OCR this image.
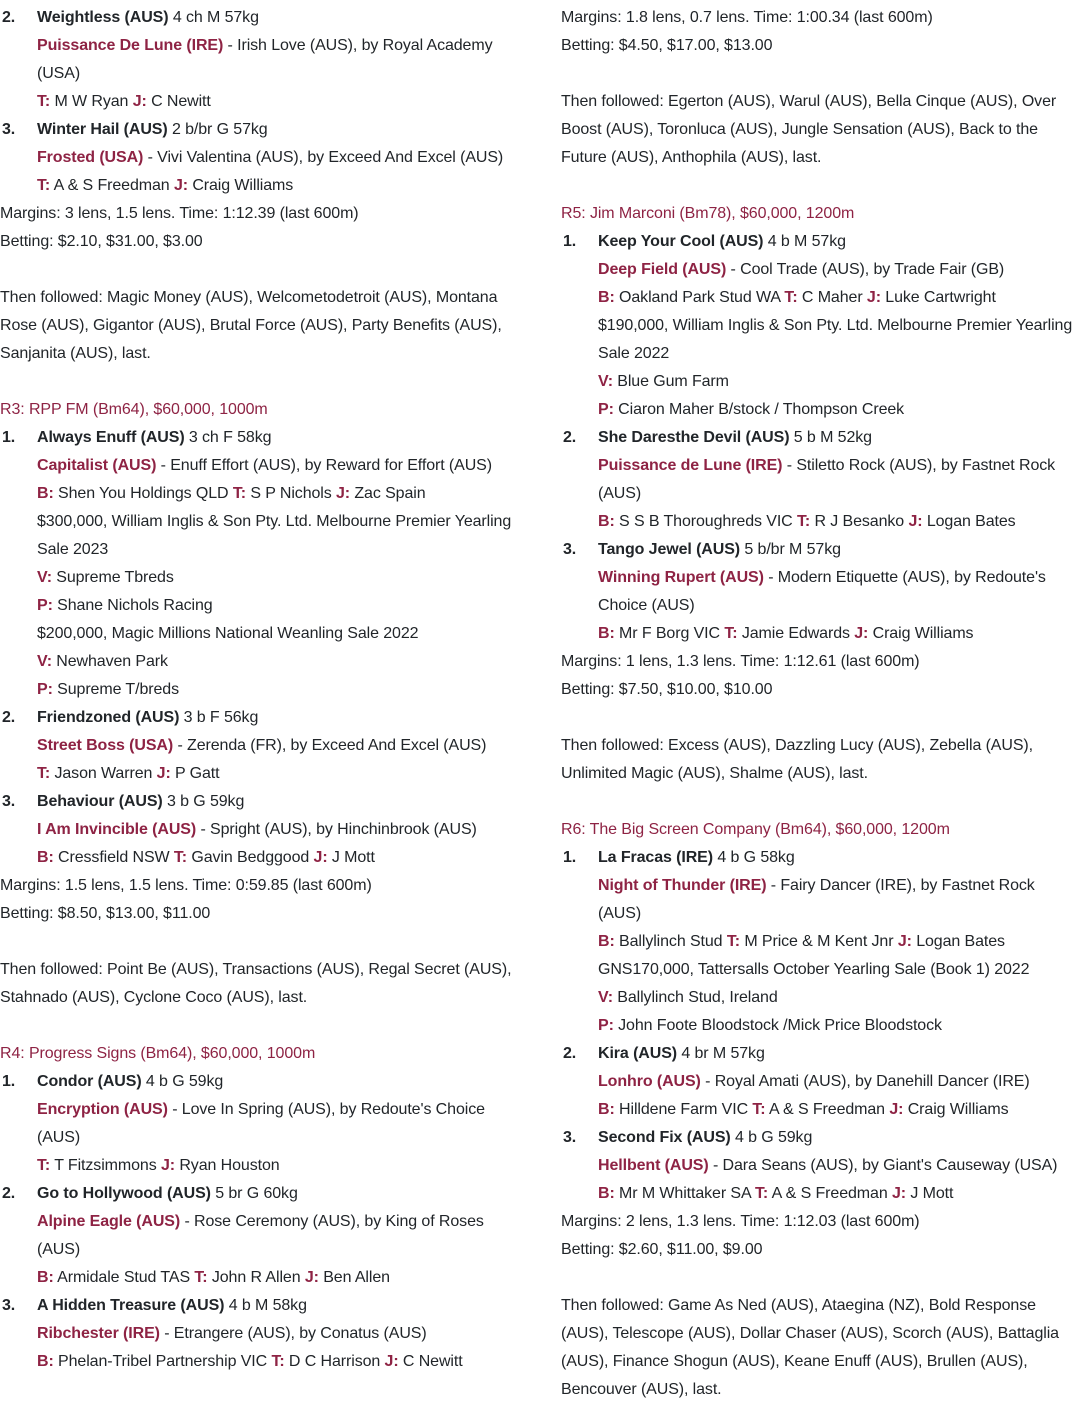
2. Weightless (AUS) 4 ch M 57kg

Puissance De Lune (IRE) - Irish Love (AUS), by Royal Academy (USA)

T: M W Ryan J: C Newitt

3. Winter Hail (AUS) 2 b/br G 57kg

Frosted (USA) - Vivi Valentina (AUS), by Exceed And Excel (AUS)

T: A & S Freedman J: Craig Williams

Margins: 3 lens, 1.5 lens. Time: 1:12.39 (last 600m)

Betting: $2.10, $31.00, $3.00

Then followed: Magic Money (AUS), Welcometodetroit (AUS), Montana Rose (AUS), Gigantor (AUS), Brutal Force (AUS), Party Benefits (AUS), Sanjanita (AUS), last.

R3: RPP FM (Bm64), $60,000, 1000m

1. Always Enuff (AUS) 3 ch F 58kg

Capitalist (AUS) - Enuff Effort (AUS), by Reward for Effort (AUS)

B: Shen You Holdings QLD T: S P Nichols J: Zac Spain

$300,000, William Inglis & Son Pty. Ltd. Melbourne Premier Yearling Sale 2023

V: Supreme Tbreds

P: Shane Nichols Racing

$200,000, Magic Millions National Weanling Sale 2022

V: Newhaven Park

P: Supreme T/breds

2. Friendzoned (AUS) 3 b F 56kg

Street Boss (USA) - Zerenda (FR), by Exceed And Excel (AUS)

T: Jason Warren J: P Gatt

3. Behaviour (AUS) 3 b G 59kg

I Am Invincible (AUS) - Spright (AUS), by Hinchinbrook (AUS)

B: Cressfield NSW T: Gavin Bedggood J: J Mott

Margins: 1.5 lens, 1.5 lens. Time: 0:59.85 (last 600m)

Betting: $8.50, $13.00, $11.00

Then followed: Point Be (AUS), Transactions (AUS), Regal Secret (AUS), Stahnado (AUS), Cyclone Coco (AUS), last.

R4: Progress Signs (Bm64), $60,000, 1000m

1. Condor (AUS) 4 b G 59kg

Encryption (AUS) - Love In Spring (AUS), by Redoute's Choice (AUS)

T: T Fitzsimmons J: Ryan Houston

2. Go to Hollywood (AUS) 5 br G 60kg

Alpine Eagle (AUS) - Rose Ceremony (AUS), by King of Roses (AUS)

B: Armidale Stud TAS T: John R Allen J: Ben Allen

3. A Hidden Treasure (AUS) 4 b M 58kg

Ribchester (IRE) - Etrangere (AUS), by Conatus (AUS)

B: Phelan-Tribel Partnership VIC T: D C Harrison J: C Newitt

Margins: 1.8 lens, 0.7 lens. Time: 1:00.34 (last 600m)

Betting: $4.50, $17.00, $13.00

Then followed: Egerton (AUS), Warul (AUS), Bella Cinque (AUS), Over Boost (AUS), Toronluca (AUS), Jungle Sensation (AUS), Back to the Future (AUS), Anthophila (AUS), last.

R5: Jim Marconi (Bm78), $60,000, 1200m

1. Keep Your Cool (AUS) 4 b M 57kg

Deep Field (AUS) - Cool Trade (AUS), by Trade Fair (GB)

B: Oakland Park Stud WA T: C Maher J: Luke Cartwright

$190,000, William Inglis & Son Pty. Ltd. Melbourne Premier Yearling Sale 2022

V: Blue Gum Farm

P: Ciaron Maher B/stock / Thompson Creek

2. She Daresthe Devil (AUS) 5 b M 52kg

Puissance de Lune (IRE) - Stiletto Rock (AUS), by Fastnet Rock (AUS)

B: S S B Thoroughreds VIC T: R J Besanko J: Logan Bates

3. Tango Jewel (AUS) 5 b/br M 57kg

Winning Rupert (AUS) - Modern Etiquette (AUS), by Redoute's Choice (AUS)

B: Mr F Borg VIC T: Jamie Edwards J: Craig Williams

Margins: 1 lens, 1.3 lens. Time: 1:12.61 (last 600m)

Betting: $7.50, $10.00, $10.00

Then followed: Excess (AUS), Dazzling Lucy (AUS), Zebella (AUS), Unlimited Magic (AUS), Shalme (AUS), last.

R6: The Big Screen Company (Bm64), $60,000, 1200m

1. La Fracas (IRE) 4 b G 58kg

Night of Thunder (IRE) - Fairy Dancer (IRE), by Fastnet Rock (AUS)

B: Ballylinch Stud T: M Price & M Kent Jnr J: Logan Bates

GNS170,000, Tattersalls October Yearling Sale (Book 1) 2022

V: Ballylinch Stud, Ireland

P: John Foote Bloodstock /Mick Price Bloodstock

2. Kira (AUS) 4 br M 57kg

Lonhro (AUS) - Royal Amati (AUS), by Danehill Dancer (IRE)

B: Hilldene Farm VIC T: A & S Freedman J: Craig Williams

3. Second Fix (AUS) 4 b G 59kg

Hellbent (AUS) - Dara Seans (AUS), by Giant's Causeway (USA)

B: Mr M Whittaker SA T: A & S Freedman J: J Mott

Margins: 2 lens, 1.3 lens. Time: 1:12.03 (last 600m)

Betting: $2.60, $11.00, $9.00

Then followed: Game As Ned (AUS), Ataegina (NZ), Bold Response (AUS), Telescope (AUS), Dollar Chaser (AUS), Scorch (AUS), Battaglia (AUS), Finance Shogun (AUS), Keane Enuff (AUS), Brullen (AUS), Bencouver (AUS), last.
